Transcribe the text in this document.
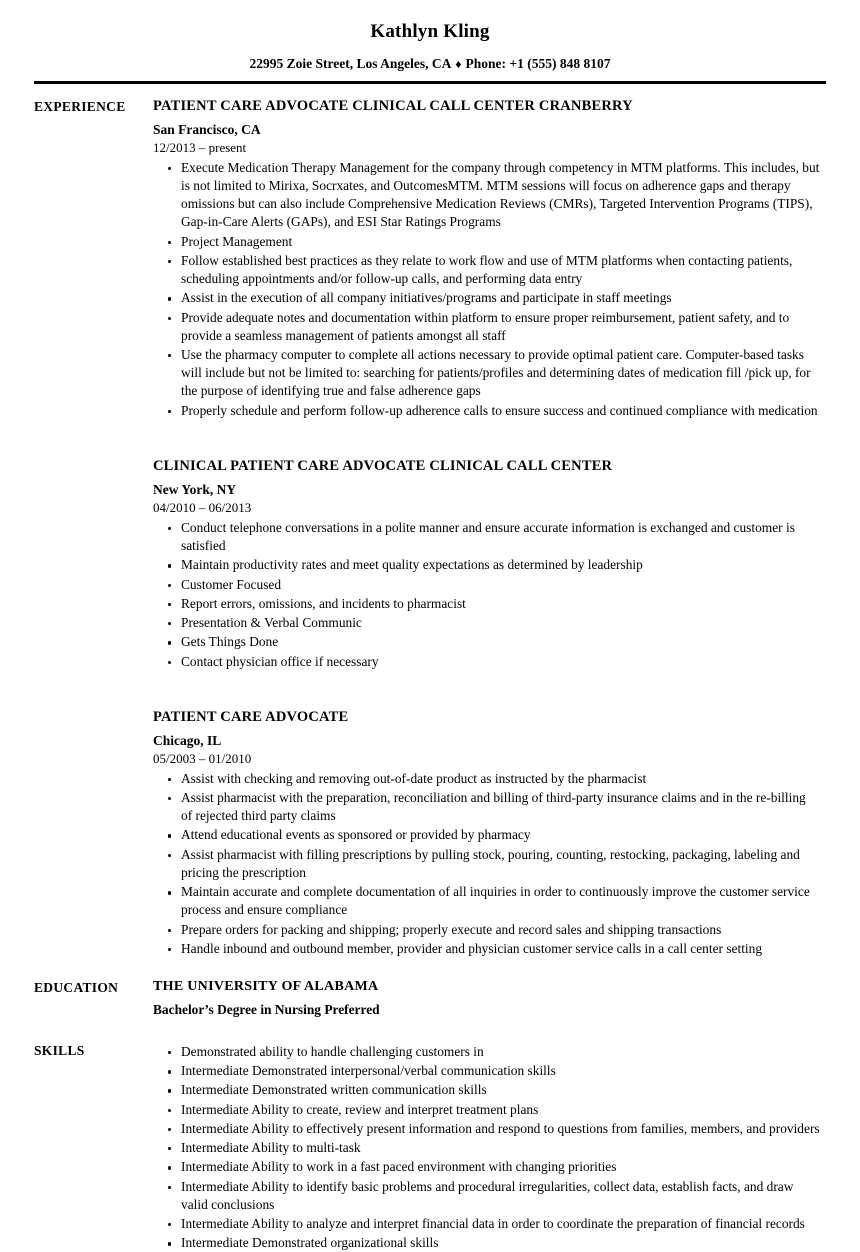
Kathlyn Kling
22995 Zoie Street, Los Angeles, CA ♦ Phone: +1 (555) 848 8107
EXPERIENCE	PATIENT CARE ADVOCATE CLINICAL CALL CENTER CRANBERRY
San Francisco, CA
12/2013 – present
Execute Medication Therapy Management for the company through competency in MTM platforms. This includes, but is not limited to Mirixa, Socrxates, and OutcomesMTM. MTM sessions will focus on adherence gaps and therapy omissions but can also include Comprehensive Medication Reviews (CMRs), Targeted Intervention Programs (TIPS), Gap-in-Care Alerts (GAPs), and ESI Star Ratings Programs
Project Management
Follow established best practices as they relate to work flow and use of MTM platforms when contacting patients, scheduling appointments and/or follow-up calls, and performing data entry
Assist in the execution of all company initiatives/programs and participate in staff meetings
Provide adequate notes and documentation within platform to ensure proper reimbursement, patient safety, and to provide a seamless management of patients amongst all staff
Use the pharmacy computer to complete all actions necessary to provide optimal patient care. Computer-based tasks will include but not be limited to: searching for patients/profiles and determining dates of medication fill /pick up, for the purpose of identifying true and false adherence gaps
Properly schedule and perform follow-up adherence calls to ensure success and continued compliance with medication
CLINICAL PATIENT CARE ADVOCATE CLINICAL CALL CENTER
New York, NY
04/2010 – 06/2013
Conduct telephone conversations in a polite manner and ensure accurate information is exchanged and customer is satisfied
Maintain productivity rates and meet quality expectations as determined by leadership
Customer Focused
Report errors, omissions, and incidents to pharmacist
Presentation & Verbal Communic
Gets Things Done
Contact physician office if necessary
PATIENT CARE ADVOCATE
Chicago, IL
05/2003 – 01/2010
Assist with checking and removing out-of-date product as instructed by the pharmacist
Assist pharmacist with the preparation, reconciliation and billing of third-party insurance claims and in the re-billing of rejected third party claims
Attend educational events as sponsored or provided by pharmacy
Assist pharmacist with filling prescriptions by pulling stock, pouring, counting, restocking, packaging, labeling and pricing the prescription
Maintain accurate and complete documentation of all inquiries in order to continuously improve the customer service process and ensure compliance
Prepare orders for packing and shipping; properly execute and record sales and shipping transactions
Handle inbound and outbound member, provider and physician customer service calls in a call center setting
EDUCATION	THE UNIVERSITY OF ALABAMA
Bachelor’s Degree in Nursing Preferred
SKILLS	Demonstrated ability to handle challenging customers in
Intermediate Demonstrated interpersonal/verbal communication skills
Intermediate Demonstrated written communication skills
Intermediate Ability to create, review and interpret treatment plans
Intermediate Ability to effectively present information and respond to questions from families, members, and providers
Intermediate Ability to multi-task
Intermediate Ability to work in a fast paced environment with changing priorities
Intermediate Ability to identify basic problems and procedural irregularities, collect data, establish facts, and draw valid conclusions
Intermediate Ability to analyze and interpret financial data in order to coordinate the preparation of financial records
Intermediate Demonstrated organizational skills
